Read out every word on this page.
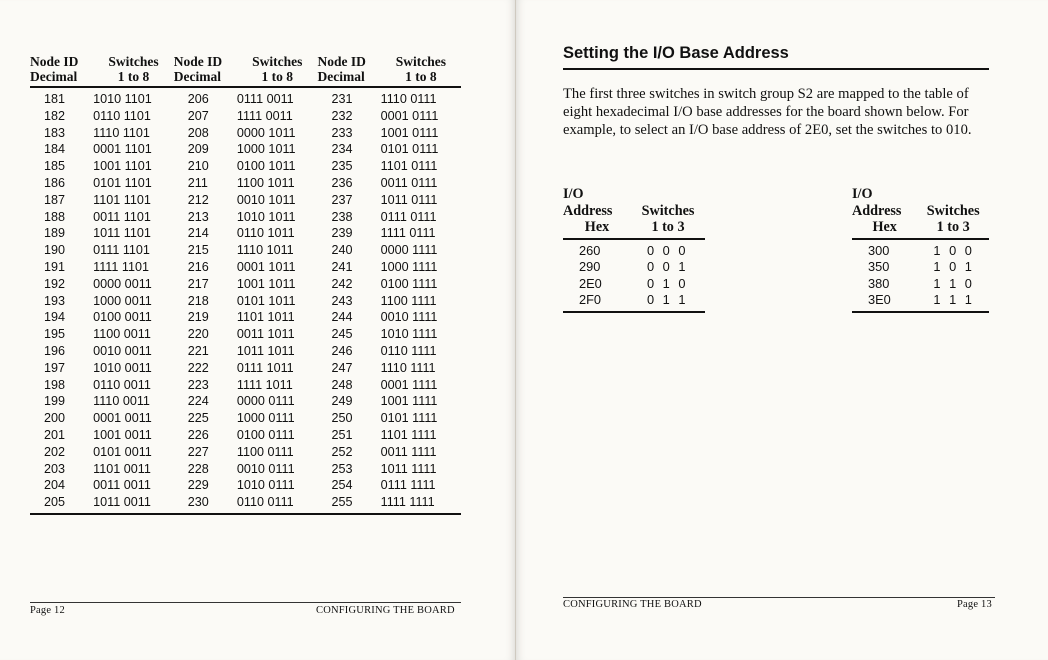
Node ID	Switches	Node ID	Switches	Node ID	Switches
Decimal	1 to 8	Decimal	1 to 8	Decimal	1 to 8
181	1010 1101	206	0111 0011	231	1110 0111
182	0110 1101	207	1111 0011	232	0001 0111
183	1110 1101	208	0000 1011	233	1001 0111
184	0001 1101	209	1000 1011	234	0101 0111
185	1001 1101	210	0100 1011	235	1101 0111
186	0101 1101	211	1100 1011	236	0011 0111
187	1101 1101	212	0010 1011	237	1011 0111
188	0011 1101	213	1010 1011	238	0111 0111
189	1011 1101	214	0110 1011	239	1111 0111
190	0111 1101	215	1110 1011	240	0000 1111
191	1111 1101	216	0001 1011	241	1000 1111
192	0000 0011	217	1001 1011	242	0100 1111
193	1000 0011	218	0101 1011	243	1100 1111
194	0100 0011	219	1101 1011	244	0010 1111
195	1100 0011	220	0011 1011	245	1010 1111
196	0010 0011	221	1011 1011	246	0110 1111
197	1010 0011	222	0111 1011	247	1110 1111
198	0110 0011	223	1111 1011	248	0001 1111
199	1110 0011	224	0000 0111	249	1001 1111
200	0001 0011	225	1000 0111	250	0101 1111
201	1001 0011	226	0100 0111	251	1101 1111
202	0101 0011	227	1100 0111	252	0011 1111
203	1101 0011	228	0010 0111	253	1011 1111
204	0011 0011	229	1010 0111	254	0111 1111
205	1011 0011	230	0110 0111	255	1111 1111
Page 12	CONFIGURING THE BOARD
Setting the I/O Base Address

The first three switches in switch group S2 are mapped to the table of eight hexadecimal I/O base addresses for the board shown below. For example, to select an I/O base address of 2E0, set the switches to 010.

I/O	
Address	Switches
Hex	1 to 3
260	0 0 0
290	0 0 1
2E0	0 1 0
2F0	0 1 1
I/O	
Address	Switches
Hex	1 to 3
300	1 0 0
350	1 0 1
380	1 1 0
3E0	1 1 1
CONFIGURING THE BOARD	Page 13
